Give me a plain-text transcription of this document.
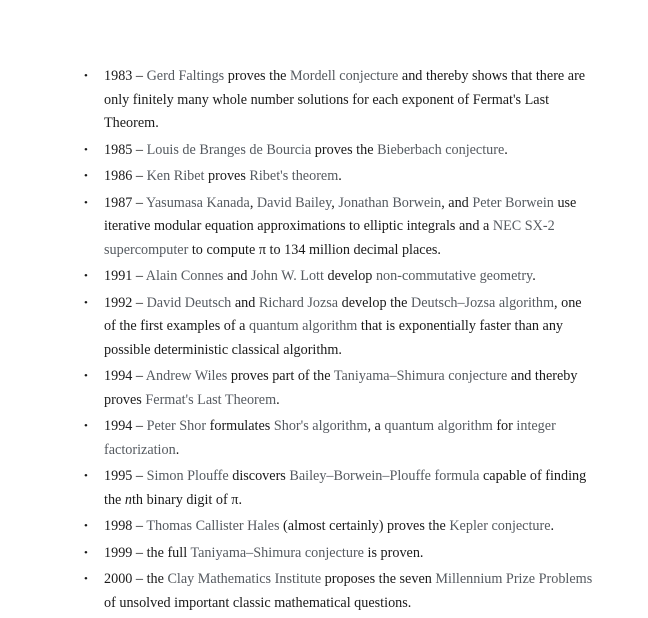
• 1983 – Gerd Faltings proves the Mordell conjecture and thereby shows that there are only finitely many whole number solutions for each exponent of Fermat's Last Theorem.
• 1985 – Louis de Branges de Bourcia proves the Bieberbach conjecture.
• 1986 – Ken Ribet proves Ribet's theorem.
• 1987 – Yasumasa Kanada, David Bailey, Jonathan Borwein, and Peter Borwein use iterative modular equation approximations to elliptic integrals and a NEC SX-2 supercomputer to compute π to 134 million decimal places.
• 1991 – Alain Connes and John W. Lott develop non-commutative geometry.
• 1992 – David Deutsch and Richard Jozsa develop the Deutsch–Jozsa algorithm, one of the first examples of a quantum algorithm that is exponentially faster than any possible deterministic classical algorithm.
• 1994 – Andrew Wiles proves part of the Taniyama–Shimura conjecture and thereby proves Fermat's Last Theorem.
• 1994 – Peter Shor formulates Shor's algorithm, a quantum algorithm for integer factorization.
• 1995 – Simon Plouffe discovers Bailey–Borwein–Plouffe formula capable of finding the nth binary digit of π.
• 1998 – Thomas Callister Hales (almost certainly) proves the Kepler conjecture.
• 1999 – the full Taniyama–Shimura conjecture is proven.
• 2000 – the Clay Mathematics Institute proposes the seven Millennium Prize Problems of unsolved important classic mathematical questions.
